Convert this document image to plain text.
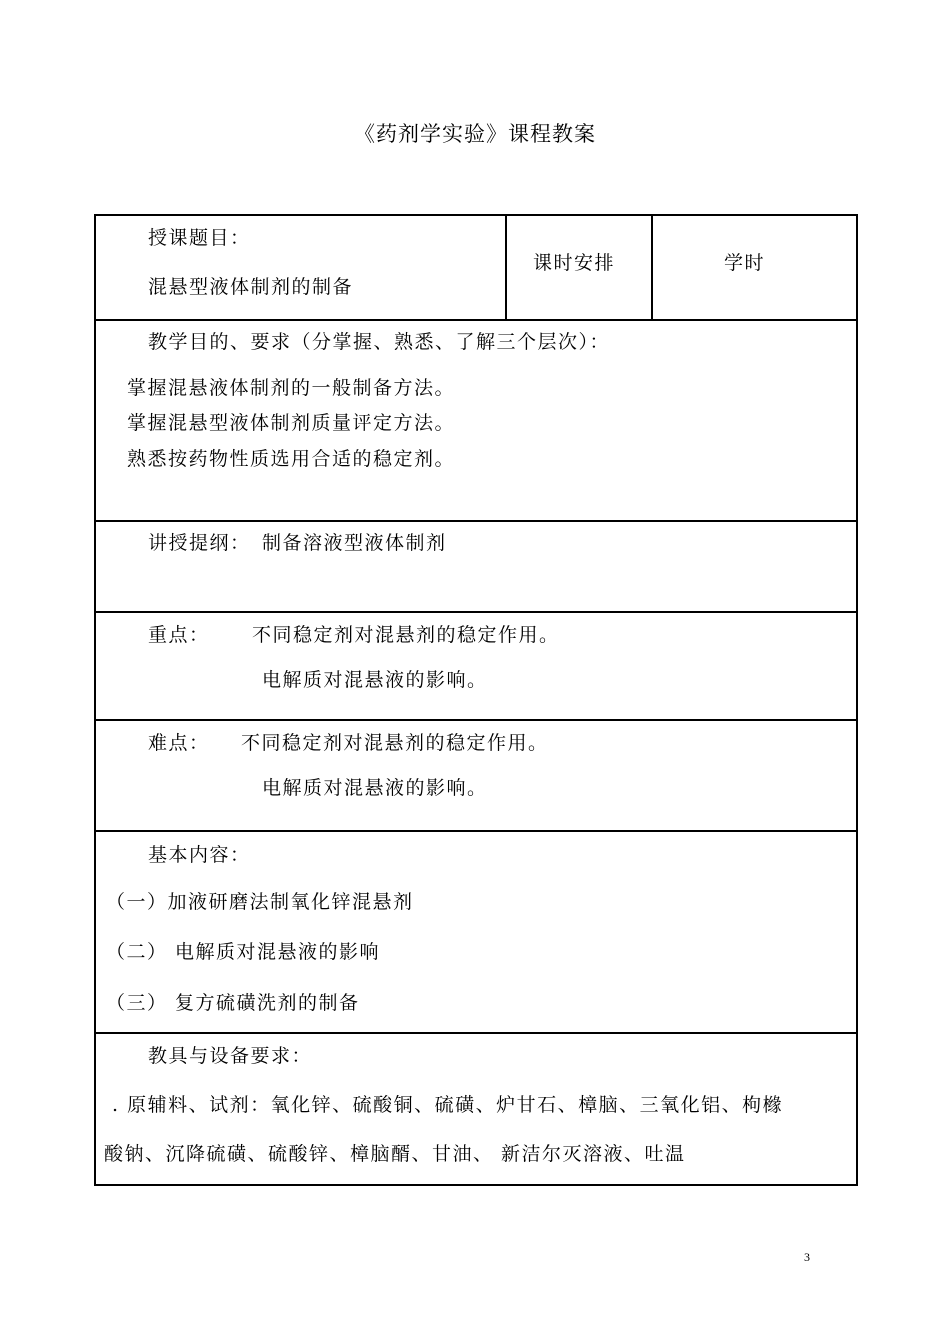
《药剂学实验》课程教案
授课题目：
混悬型液体制剂的制备
课时安排	学时
教学目的、要求（分掌握、熟悉、了解三个层次）：
掌握混悬液体制剂的一般制备方法。
掌握混悬型液体制剂质量评定方法。
熟悉按药物性质选用合适的稳定剂。
讲授提纲： 制备溶液型液体制剂
重点： 不同稳定剂对混悬剂的稳定作用。
电解质对混悬液的影响。
难点： 不同稳定剂对混悬剂的稳定作用。
电解质对混悬液的影响。
基本内容：
（一）加液研磨法制氧化锌混悬剂
（二） 电解质对混悬液的影响
（三） 复方硫磺洗剂的制备
教具与设备要求：
. 原辅料、试剂：氧化锌、硫酸铜、硫磺、炉甘石、樟脑、三氧化铝、枸橼
酸钠、沉降硫磺、硫酸锌、樟脑醑、甘油、 新洁尔灭溶液、吐温
3
